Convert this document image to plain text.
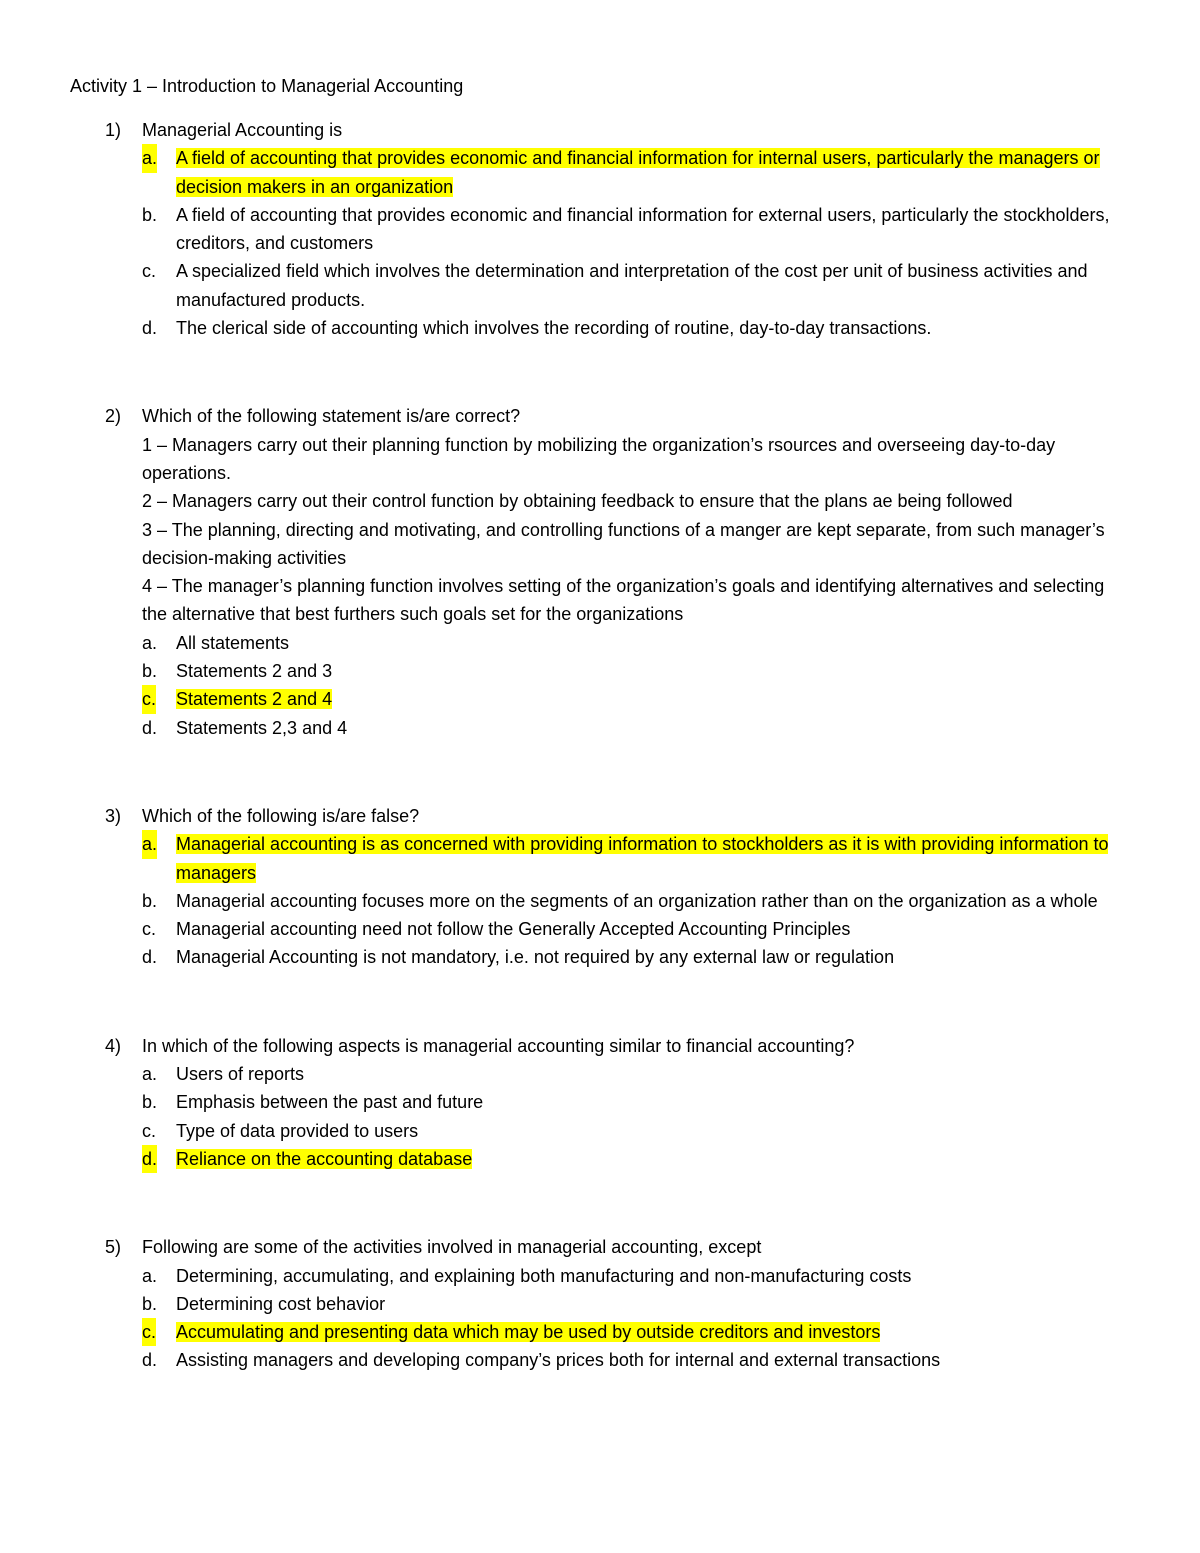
Activity 1 – Introduction to Managerial Accounting
1) Managerial Accounting is
a. A field of accounting that provides economic and financial information for internal users, particularly the managers or decision makers in an organization
b. A field of accounting that provides economic and financial information for external users, particularly the stockholders, creditors, and customers
c. A specialized field which involves the determination and interpretation of the cost per unit of business activities and manufactured products.
d. The clerical side of accounting which involves the recording of routine, day-to-day transactions.
2) Which of the following statement is/are correct?
1 – Managers carry out their planning function by mobilizing the organization’s rsources and overseeing day-to-day operations.
2 – Managers carry out their control function by obtaining feedback to ensure that the plans ae being followed
3 – The planning, directing and motivating, and controlling functions of a manger are kept separate, from such manager’s decision-making activities
4 – The manager’s planning function involves setting of the organization’s goals and identifying alternatives and selecting the alternative that best furthers such goals set for the organizations
a. All statements
b. Statements 2 and 3
c. Statements 2 and 4
d. Statements 2,3 and 4
3) Which of the following is/are false?
a. Managerial accounting is as concerned with providing information to stockholders as it is with providing information to managers
b. Managerial accounting focuses more on the segments of an organization rather than on the organization as a whole
c. Managerial accounting need not follow the Generally Accepted Accounting Principles
d. Managerial Accounting is not mandatory, i.e. not required by any external law or regulation
4) In which of the following aspects is managerial accounting similar to financial accounting?
a. Users of reports
b. Emphasis between the past and future
c. Type of data provided to users
d. Reliance on the accounting database
5) Following are some of the activities involved in managerial accounting, except
a. Determining, accumulating, and explaining both manufacturing and non-manufacturing costs
b. Determining cost behavior
c. Accumulating and presenting data which may be used by outside creditors and investors
d. Assisting managers and developing company’s prices both for internal and external transactions
